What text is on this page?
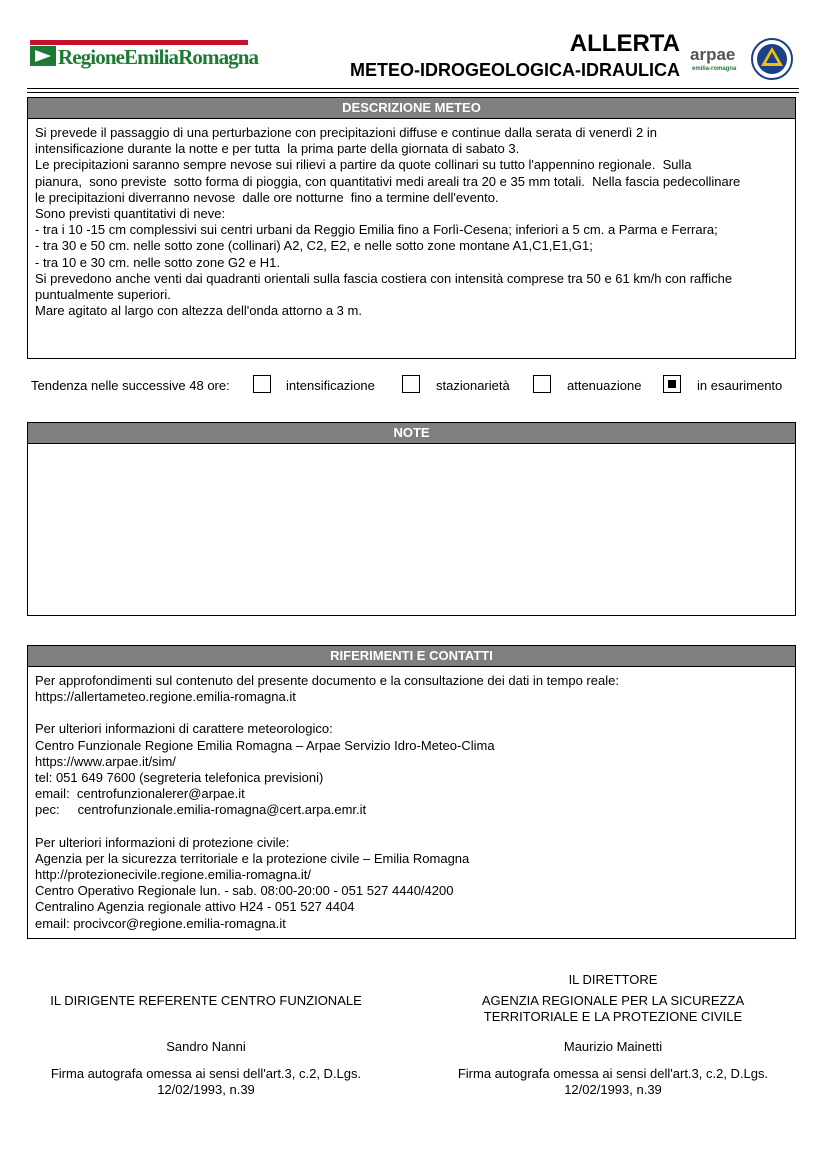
RegioneEmiliaRomagna	ALLERTA
METEO-IDROGEOLOGICA-IDRAULICA
arpae
emilia-romagna
DESCRIZIONE METEO
Si prevede il passaggio di una perturbazione con precipitazioni diffuse e continue dalla serata di venerdì 2 in
intensificazione durante la notte e per tutta  la prima parte della giornata di sabato 3.
Le precipitazioni saranno sempre nevose sui rilievi a partire da quote collinari su tutto l'appennino regionale.  Sulla
pianura,  sono previste  sotto forma di pioggia, con quantitativi medi areali tra 20 e 35 mm totali.  Nella fascia pedecollinare
le precipitazioni diverranno nevose  dalle ore notturne  fino a termine dell'evento.
Sono previsti quantitativi di neve:
- tra i 10 -15 cm complessivi sui centri urbani da Reggio Emilia fino a Forlì-Cesena; inferiori a 5 cm. a Parma e Ferrara;
- tra 30 e 50 cm. nelle sotto zone (collinari) A2, C2, E2, e nelle sotto zone montane A1,C1,E1,G1;
- tra 10 e 30 cm. nelle sotto zone G2 e H1.
Si prevedono anche venti dai quadranti orientali sulla fascia costiera con intensità comprese tra 50 e 61 km/h con raffiche
puntualmente superiori.
Mare agitato al largo con altezza dell'onda attorno a 3 m.
Tendenza nelle successive 48 ore:	intensificazione	stazionarietà	attenuazione	in esaurimento
NOTE
RIFERIMENTI E CONTATTI
Per approfondimenti sul contenuto del presente documento e la consultazione dei dati in tempo reale:
https://allertameteo.regione.emilia-romagna.it
Per ulteriori informazioni di carattere meteorologico:
Centro Funzionale Regione Emilia Romagna – Arpae Servizio Idro-Meteo-Clima
https://www.arpae.it/sim/
tel: 051 649 7600 (segreteria telefonica previsioni)
email:  centrofunzionalerer@arpae.it
pec:     centrofunzionale.emilia-romagna@cert.arpa.emr.it
Per ulteriori informazioni di protezione civile:
Agenzia per la sicurezza territoriale e la protezione civile – Emilia Romagna
http://protezionecivile.regione.emilia-romagna.it/
Centro Operativo Regionale lun. - sab. 08:00-20:00 - 051 527 4440/4200
Centralino Agenzia regionale attivo H24 - 051 527 4404
email: procivcor@regione.emilia-romagna.it
IL DIRIGENTE REFERENTE CENTRO FUNZIONALE
Sandro Nanni
Firma autografa omessa ai sensi dell'art.3, c.2, D.Lgs.
12/02/1993, n.39
IL DIRETTORE
AGENZIA REGIONALE PER LA SICUREZZA
TERRITORIALE E LA PROTEZIONE CIVILE
Maurizio Mainetti
Firma autografa omessa ai sensi dell'art.3, c.2, D.Lgs.
12/02/1993, n.39
